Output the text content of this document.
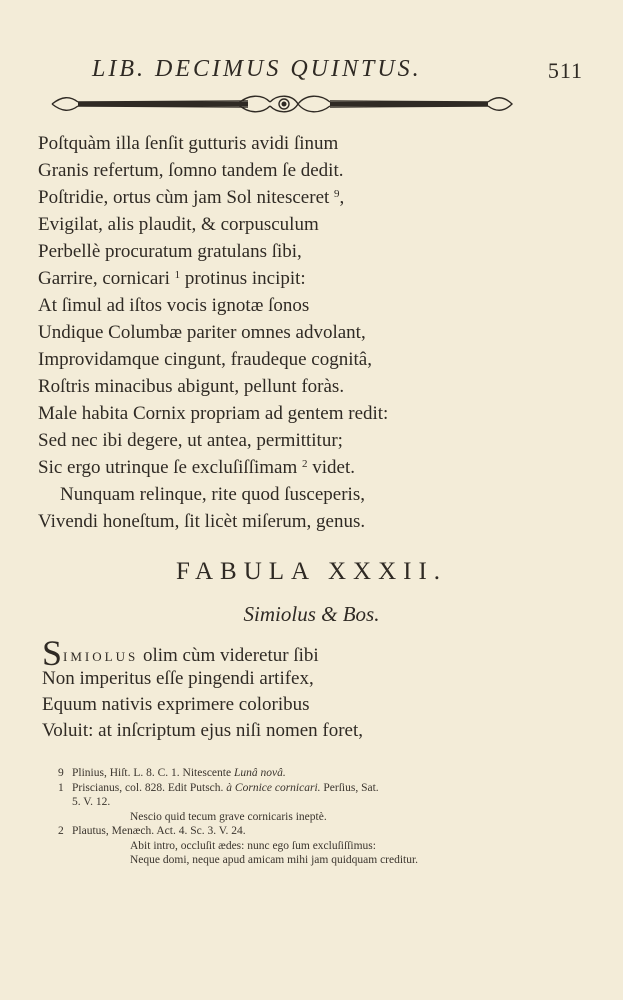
LIB. DECIMUS QUINTUS.	511
Poſtquàm illa ſenſit gutturis avidi ſinum
Granis refertum, ſomno tandem ſe dedit.
Poſtridie, ortus cùm jam Sol nitesceret $^9$,
Evigilat, alis plaudit, & corpusculum
Perbellè procuratum gratulans ſibi,
Garrire, cornicari $^1$ protinus incipit:
At ſimul ad iſtos vocis ignotæ ſonos
Undique Columbæ pariter omnes advolant,
Improvidamque cingunt, fraudeque cognitâ,
Roſtris minacibus abigunt, pellunt foràs.
Male habita Cornix propriam ad gentem redit:
Sed nec ibi degere, ut antea, permittitur;
Sic ergo utrinque ſe excluſiſſimam $^2$ videt.
Nunquam relinque, rite quod ſusceperis,
Vivendi honeſtum, ſit licèt miſerum, genus.
FABULA XXXII.
Simiolus & Bos.
SIMIOLUS olim cùm videretur ſibi
Non imperitus eſſe pingendi artifex,
Equum nativis exprimere coloribus
Voluit: at inſcriptum ejus niſi nomen foret,
9 Plinius, Hiſt. L. 8. C. 1. Nitescente Lunâ novâ.
1 Priscianus, col. 828. Edit Putsch. à Cornice cornicari. Perſius, Sat.
5. V. 12.
Nescio quid tecum grave cornicaris ineptè.
2 Plautus, Menæch. Act. 4. Sc. 3. V. 24.
Abit intro, occluſit ædes: nunc ego ſum excluſiſſimus:
Neque domi, neque apud amicam mihi jam quidquam creditur.
